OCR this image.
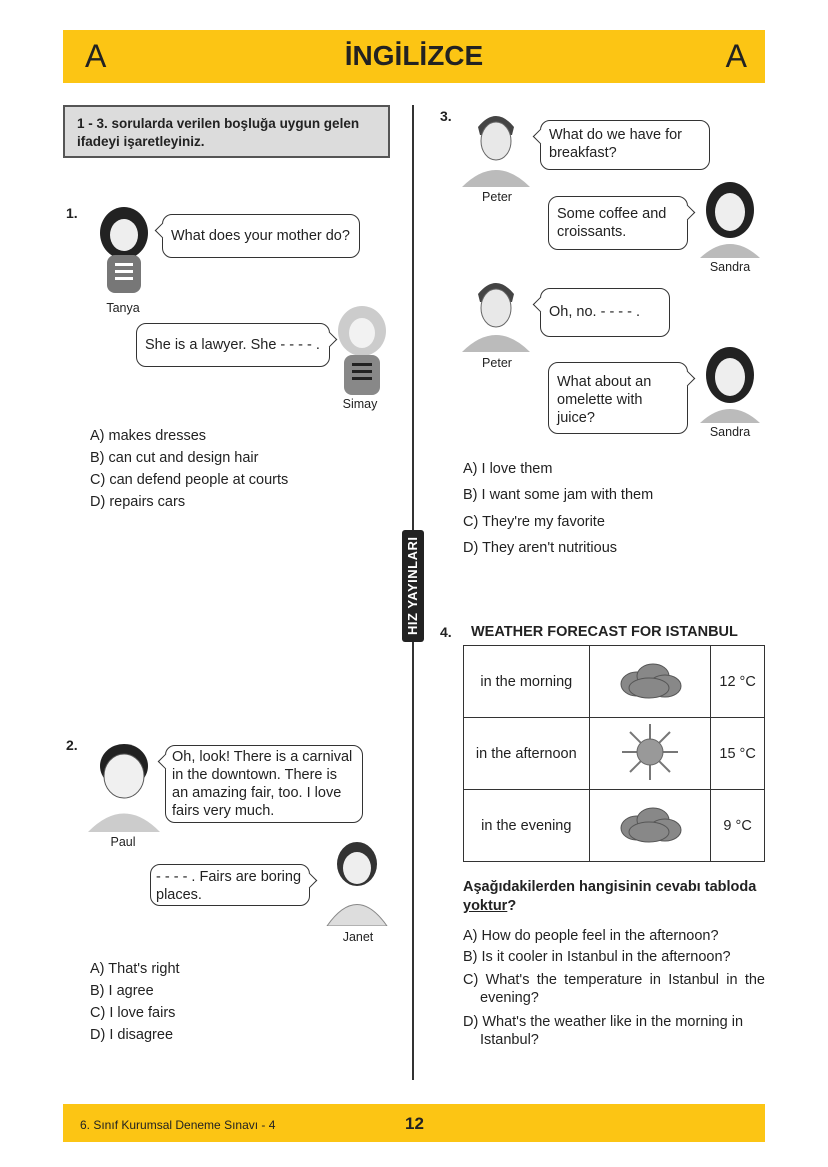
A	İNGİLİZCE	A
HIZ YAYINLARI
1 - 3. sorularda verilen boşluğa uygun gelen ifadeyi işaretleyiniz.
1.
Tanya
What does your mother do?
She is a lawyer. She - - - - .
Simay
A) makes dresses
B) can cut and design hair
C) can defend people at courts
D) repairs cars
2.
Paul
Oh, look! There is a carnival in the downtown. There is an amazing fair, too. I love fairs very much.
- - - - . Fairs are boring places.
Janet
A) That's right
B) I agree
C) I love fairs
D) I disagree
3.
Peter
What do we have for breakfast?
Some coffee and croissants.
Sandra
Peter
Oh, no. - - - - .
What about an omelette with juice?
Sandra
A) I love them
B) I want some jam with them
C) They're my favorite
D) They aren't nutritious
4. WEATHER FORECAST FOR ISTANBUL
in the morning		12 °C
in the afternoon		15 °C
in the evening		9 °C
Aşağıdakilerden hangisinin cevabı tabloda
yoktur?
A) How do people feel in the afternoon?
B) Is it cooler in Istanbul in the afternoon?
C) What's the temperature in Istanbul in the evening?
D) What's the weather like in the morning in Istanbul?
6. Sınıf Kurumsal Deneme Sınavı - 4	12
